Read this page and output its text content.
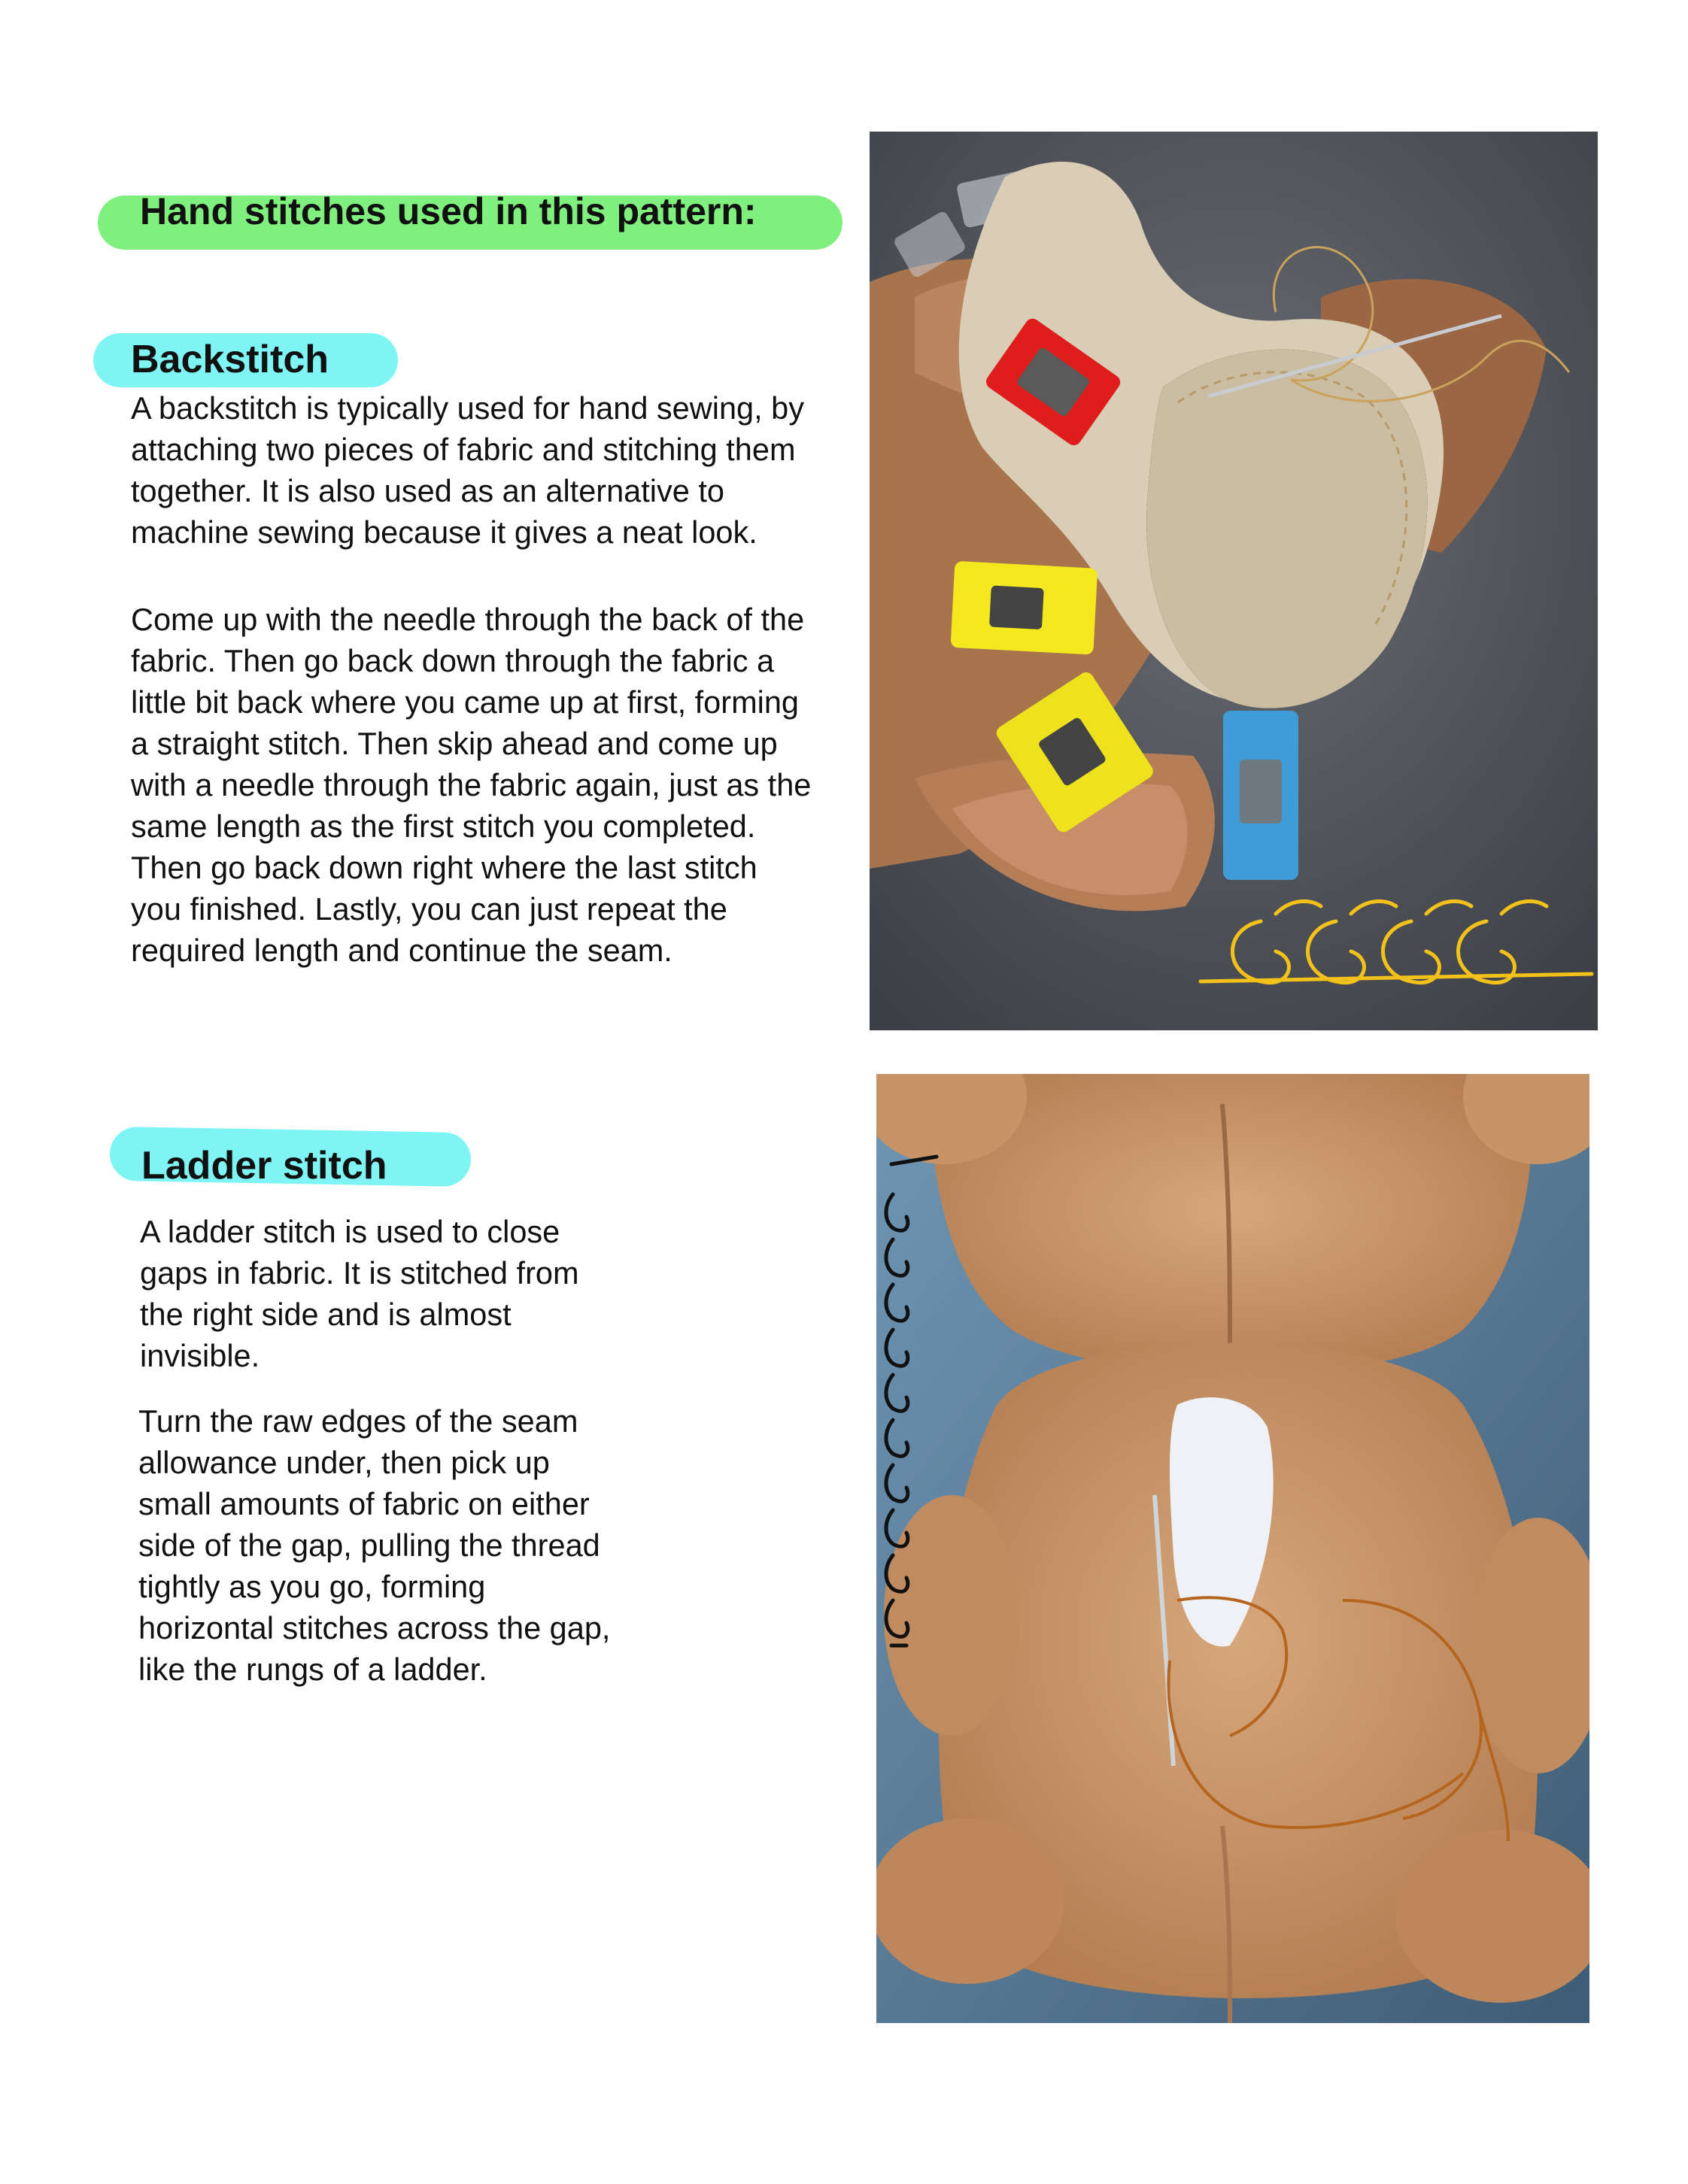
Hand stitches used in this pattern:
Backstitch
Ladder stitch
A backstitch is typically used for hand sewing, by
attaching two pieces of fabric and stitching them
together. It is also used as an alternative to
machine sewing because it gives a neat look.
Come up with the needle through the back of the
fabric. Then go back down through the fabric a
little bit back where you came up at first, forming
a straight stitch. Then skip ahead and come up
with a needle through the fabric again, just as the
same length as the first stitch you completed.
Then go back down right where the last stitch
you finished. Lastly, you can just repeat the
required length and continue the seam.
A ladder stitch is used to close
gaps in fabric. It is stitched from
the right side and is almost
invisible.
Turn the raw edges of the seam
allowance under, then pick up
small amounts of fabric on either
side of the gap, pulling the thread
tightly as you go, forming
horizontal stitches across the gap,
like the rungs of a ladder.
